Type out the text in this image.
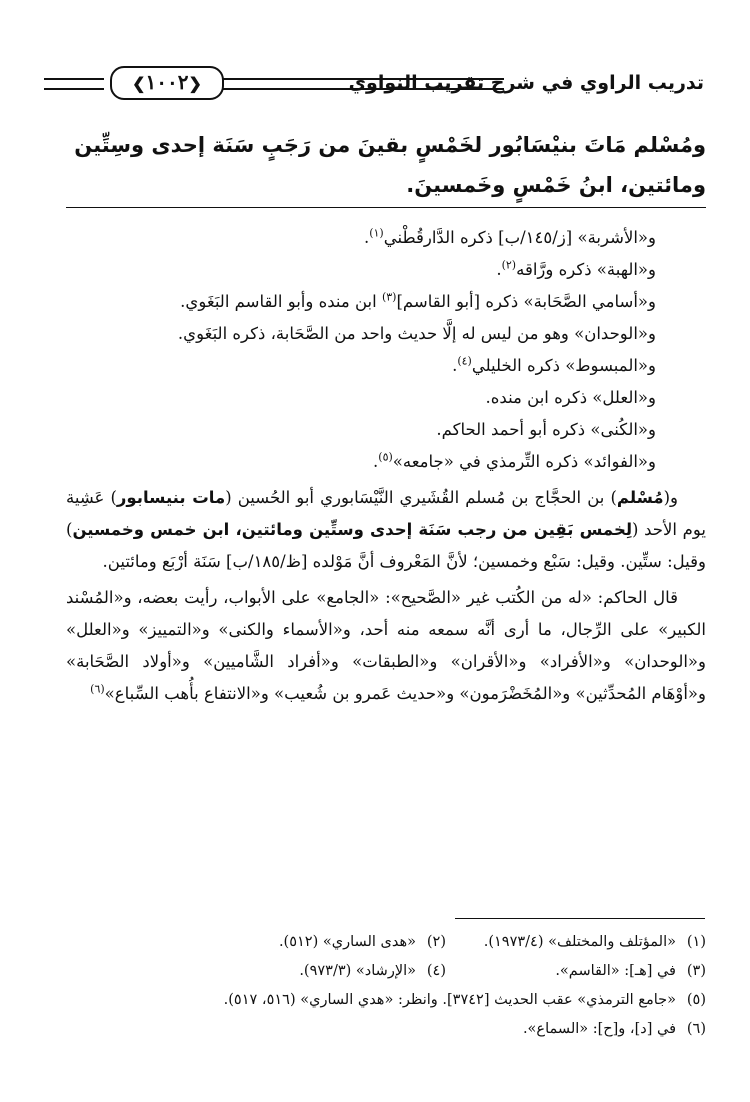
تدريب الراوي في شرح تقريب النواوي
❮١٠٠٢❯
ومُسْلم مَاتَ بنيْسَابُور لخَمْسٍ بقينَ من رَجَبٍ سَنَة إحدى وسِتِّين
ومائتين، ابنُ خَمْسٍ وخَمسينَ.

و«الأشربة» [ز/١٤٥/ب] ذكره الدَّارقُطْني$^{(١)}$.

و«الهبة» ذكره ورَّاقه$^{(٢)}$.

و«أسامي الصَّحَابة» ذكره [أبو القاسم]$^{(٣)}$ ابن منده وأبو القاسم البَغَوي.

و«الوحدان» وهو من ليس له إلَّا حديث واحد من الصَّحَابة، ذكره البَغَوي.

و«المبسوط» ذكره الخليلي$^{(٤)}$.

و«العلل» ذكره ابن منده.

و«الكُنى» ذكره أبو أحمد الحاكم.

و«الفوائد» ذكره التِّرمذي في «جامعه»$^{(٥)}$.

و(مُسْلم) بن الحجَّاج بن مُسلم القُشَيري النَّيْسَابوري أبو الحُسين (مات بنيسابور) عَشِية يوم الأحد (لِخمس بَقِين من رجب سَنَة إحدى وستِّين ومائتين، ابن خمس وخمسين) وقيل: ستِّين. وقيل: سَبْع وخمسين؛ لأنَّ المَعْروف أنَّ مَوْلده [ظ/١٨٥/ب] سَنَة أرْبَع ومائتين.

قال الحاكم: «له من الكُتب غير «الصَّحيح»: «الجامع» على الأبواب، رأيت بعضه، و«المُسْند الكبير» على الرِّجال، ما أرى أنَّه سمعه منه أحد، و«الأسماء والكنى» و«التمييز» و«العلل» و«الوحدان» و«الأفراد» و«الأقران» و«الطبقات» و«أفراد الشَّاميين» و«أولاد الصَّحَابة» و«أوْهَام المُحدِّثين» و«المُخَضْرَمون» و«حديث عَمرو بن شُعيب» و«الانتفاع بأُهب السِّباع»$^{(٦)}$

(١)«المؤتلف والمختلف» (١٩٧٣/٤).
(٢)«هدى الساري» (٥١٢).
(٣)في [هـ]: «القاسم».
(٤)«الإرشاد» (٩٧٣/٣).
(٥)«جامع الترمذي» عقب الحديث [٣٧٤٢]. وانظر: «هدي الساري» (٥١٦، ٥١٧).
(٦)في [د]، و[ح]: «السماع».
